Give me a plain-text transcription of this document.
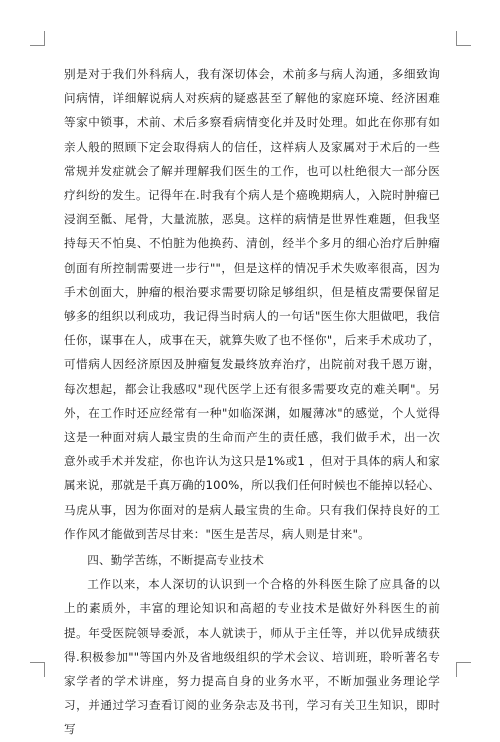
别是对于我们外科病人，我有深切体会，术前多与病人沟通，多细致询问病情，详细解说病人对疾病的疑惑甚至了解他的家庭环境、经济困难等家中锁事，术前、术后多察看病情变化并及时处理。如此在你那有如亲人般的照顾下定会取得病人的信任，这样病人及家属对于术后的一些常规并发症就会了解并理解我们医生的工作，也可以杜绝很大一部分医疗纠纷的发生。记得年在.时我有个病人是个癌晚期病人，入院时肿瘤已浸润至骶、尾骨，大量流脓，恶臭。这样的病情是世界性难题，但我坚持每天不怕臭、不怕脏为他换药、清创，经半个多月的细心治疗后肿瘤创面有所控制需要进一步行""，但是这样的情况手术失败率很高，因为手术创面大，肿瘤的根治要求需要切除足够组织，但是植皮需要保留足够多的组织以利成功，我记得当时病人的一句话"医生你大胆做吧，我信任你，谋事在人，成事在天，就算失败了也不怪你"，后来手术成功了，可惜病人因经济原因及肿瘤复发最终放弃治疗，出院前对我千恩万谢，每次想起，都会让我感叹"现代医学上还有很多需要攻克的难关啊"。另外，在工作时还应经常有一种"如临深渊，如履薄冰"的感觉，个人觉得这是一种面对病人最宝贵的生命而产生的责任感，我们做手术，出一次意外或手术并发症，你也许认为这只是1%或1 ，但对于具体的病人和家属来说，那就是千真万确的100%，所以我们任何时候也不能掉以轻心、马虎从事，因为你面对的是病人最宝贵的生命。只有我们保持良好的工作作风才能做到苦尽甘来："医生是苦尽，病人则是甘来"。

四、勤学苦练，不断提高专业技术

工作以来，本人深切的认识到一个合格的外科医生除了应具备的以上的素质外，丰富的理论知识和高超的专业技术是做好外科医生的前提。年受医院领导委派，本人就读于，师从于主任等，并以优异成绩获得.积极参加""等国内外及省地级组织的学术会议、培训班，聆听著名专家学者的学术讲座，努力提高自身的业务水平，不断加强业务理论学习，并通过学习查看订阅的业务杂志及书刊，学习有关卫生知识，即时写
